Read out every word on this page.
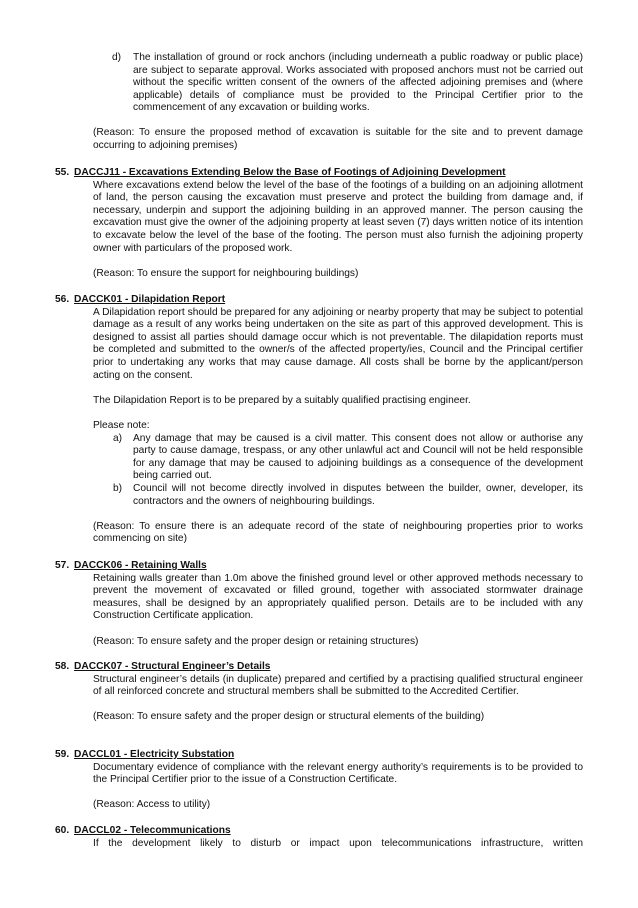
d)	The installation of ground or rock anchors (including underneath a public roadway or public place) are subject to separate approval. Works associated with proposed anchors must not be carried out without the specific written consent of the owners of the affected adjoining premises and (where applicable) details of compliance must be provided to the Principal Certifier prior to the commencement of any excavation or building works.

(Reason: To ensure the proposed method of excavation is suitable for the site and to prevent damage occurring to adjoining premises)

55. DACCJ11 - Excavations Extending Below the Base of Footings of Adjoining Development

Where excavations extend below the level of the base of the footings of a building on an adjoining allotment of land, the person causing the excavation must preserve and protect the building from damage and, if necessary, underpin and support the adjoining building in an approved manner. The person causing the excavation must give the owner of the adjoining property at least seven (7) days written notice of its intention to excavate below the level of the base of the footing. The person must also furnish the adjoining property owner with particulars of the proposed work.

(Reason: To ensure the support for neighbouring buildings)

56. DACCK01 - Dilapidation Report

A Dilapidation report should be prepared for any adjoining or nearby property that may be subject to potential damage as a result of any works being undertaken on the site as part of this approved development. This is designed to assist all parties should damage occur which is not preventable. The dilapidation reports must be completed and submitted to the owner/s of the affected property/ies, Council and the Principal certifier prior to undertaking any works that may cause damage. All costs shall be borne by the applicant/person acting on the consent.

The Dilapidation Report is to be prepared by a suitably qualified practising engineer.

Please note:

a)	Any damage that may be caused is a civil matter. This consent does not allow or authorise any party to cause damage, trespass, or any other unlawful act and Council will not be held responsible for any damage that may be caused to adjoining buildings as a consequence of the development being carried out.

b)	Council will not become directly involved in disputes between the builder, owner, developer, its contractors and the owners of neighbouring buildings.

(Reason: To ensure there is an adequate record of the state of neighbouring properties prior to works commencing on site)

57. DACCK06 - Retaining Walls

Retaining walls greater than 1.0m above the finished ground level or other approved methods necessary to prevent the movement of excavated or filled ground, together with associated stormwater drainage measures, shall be designed by an appropriately qualified person. Details are to be included with any Construction Certificate application.

(Reason: To ensure safety and the proper design or retaining structures)

58. DACCK07 - Structural Engineer’s Details

Structural engineer’s details (in duplicate) prepared and certified by a practising qualified structural engineer of all reinforced concrete and structural members shall be submitted to the Accredited Certifier.

(Reason: To ensure safety and the proper design or structural elements of the building)

59. DACCL01 - Electricity Substation

Documentary evidence of compliance with the relevant energy authority’s requirements is to be provided to the Principal Certifier prior to the issue of a Construction Certificate.

(Reason: Access to utility)

60. DACCL02 - Telecommunications

If the development likely to disturb or impact upon telecommunications infrastructure, written
